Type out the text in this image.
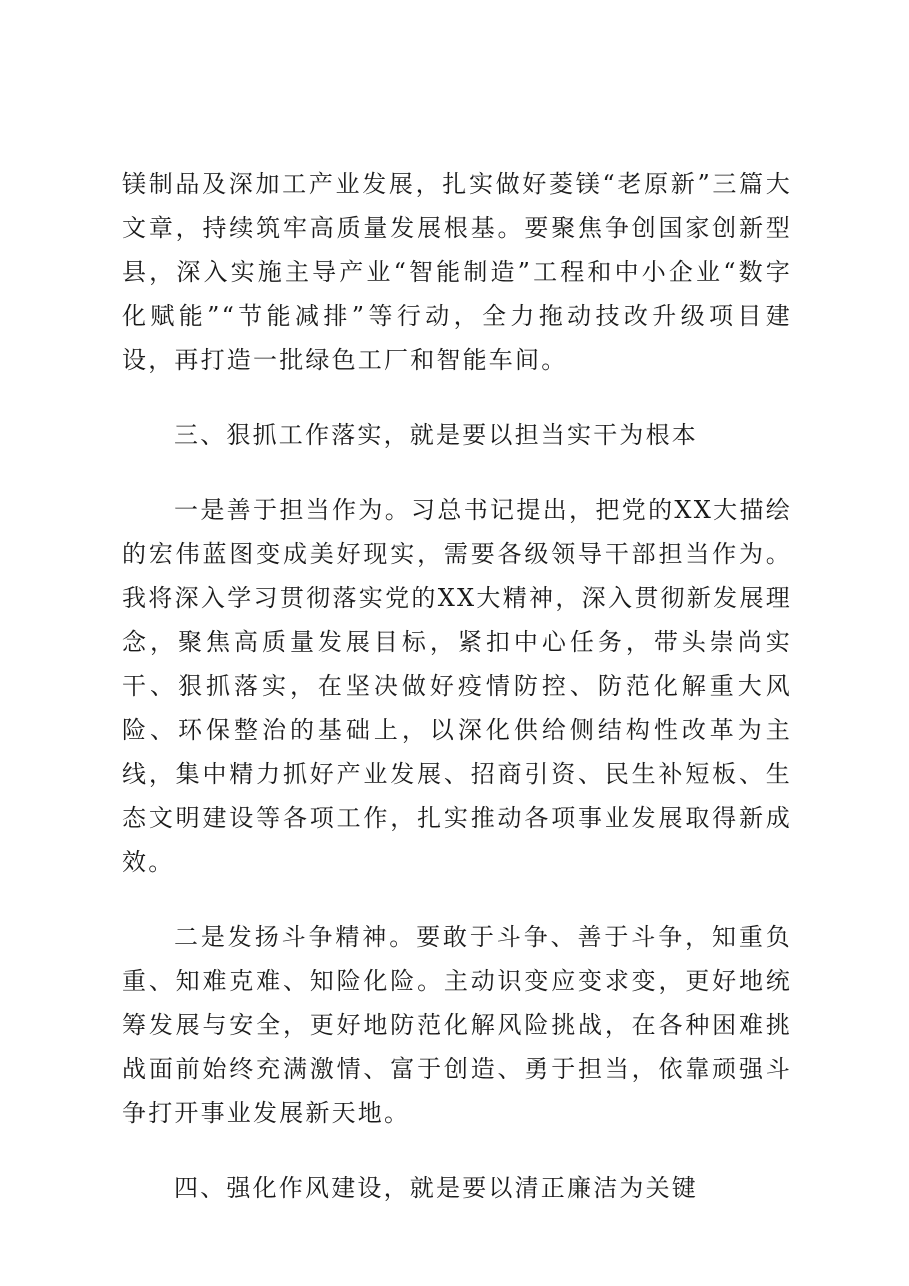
镁制品及深加工产业发展，扎实做好菱镁“老原新”三篇大文章，持续筑牢高质量发展根基。要聚焦争创国家创新型县，深入实施主导产业“智能制造”工程和中小企业“数字化赋能”“节能减排”等行动，全力拖动技改升级项目建设，再打造一批绿色工厂和智能车间。

三、狠抓工作落实，就是要以担当实干为根本

一是善于担当作为。习总书记提出，把党的XX大描绘的宏伟蓝图变成美好现实，需要各级领导干部担当作为。我将深入学习贯彻落实党的XX大精神，深入贯彻新发展理念，聚焦高质量发展目标，紧扣中心任务，带头崇尚实干、狠抓落实，在坚决做好疫情防控、防范化解重大风险、环保整治的基础上，以深化供给侧结构性改革为主线，集中精力抓好产业发展、招商引资、民生补短板、生态文明建设等各项工作，扎实推动各项事业发展取得新成效。

二是发扬斗争精神。要敢于斗争、善于斗争，知重负重、知难克难、知险化险。主动识变应变求变，更好地统筹发展与安全，更好地防范化解风险挑战，在各种困难挑战面前始终充满激情、富于创造、勇于担当，依靠顽强斗争打开事业发展新天地。

四、强化作风建设，就是要以清正廉洁为关键
